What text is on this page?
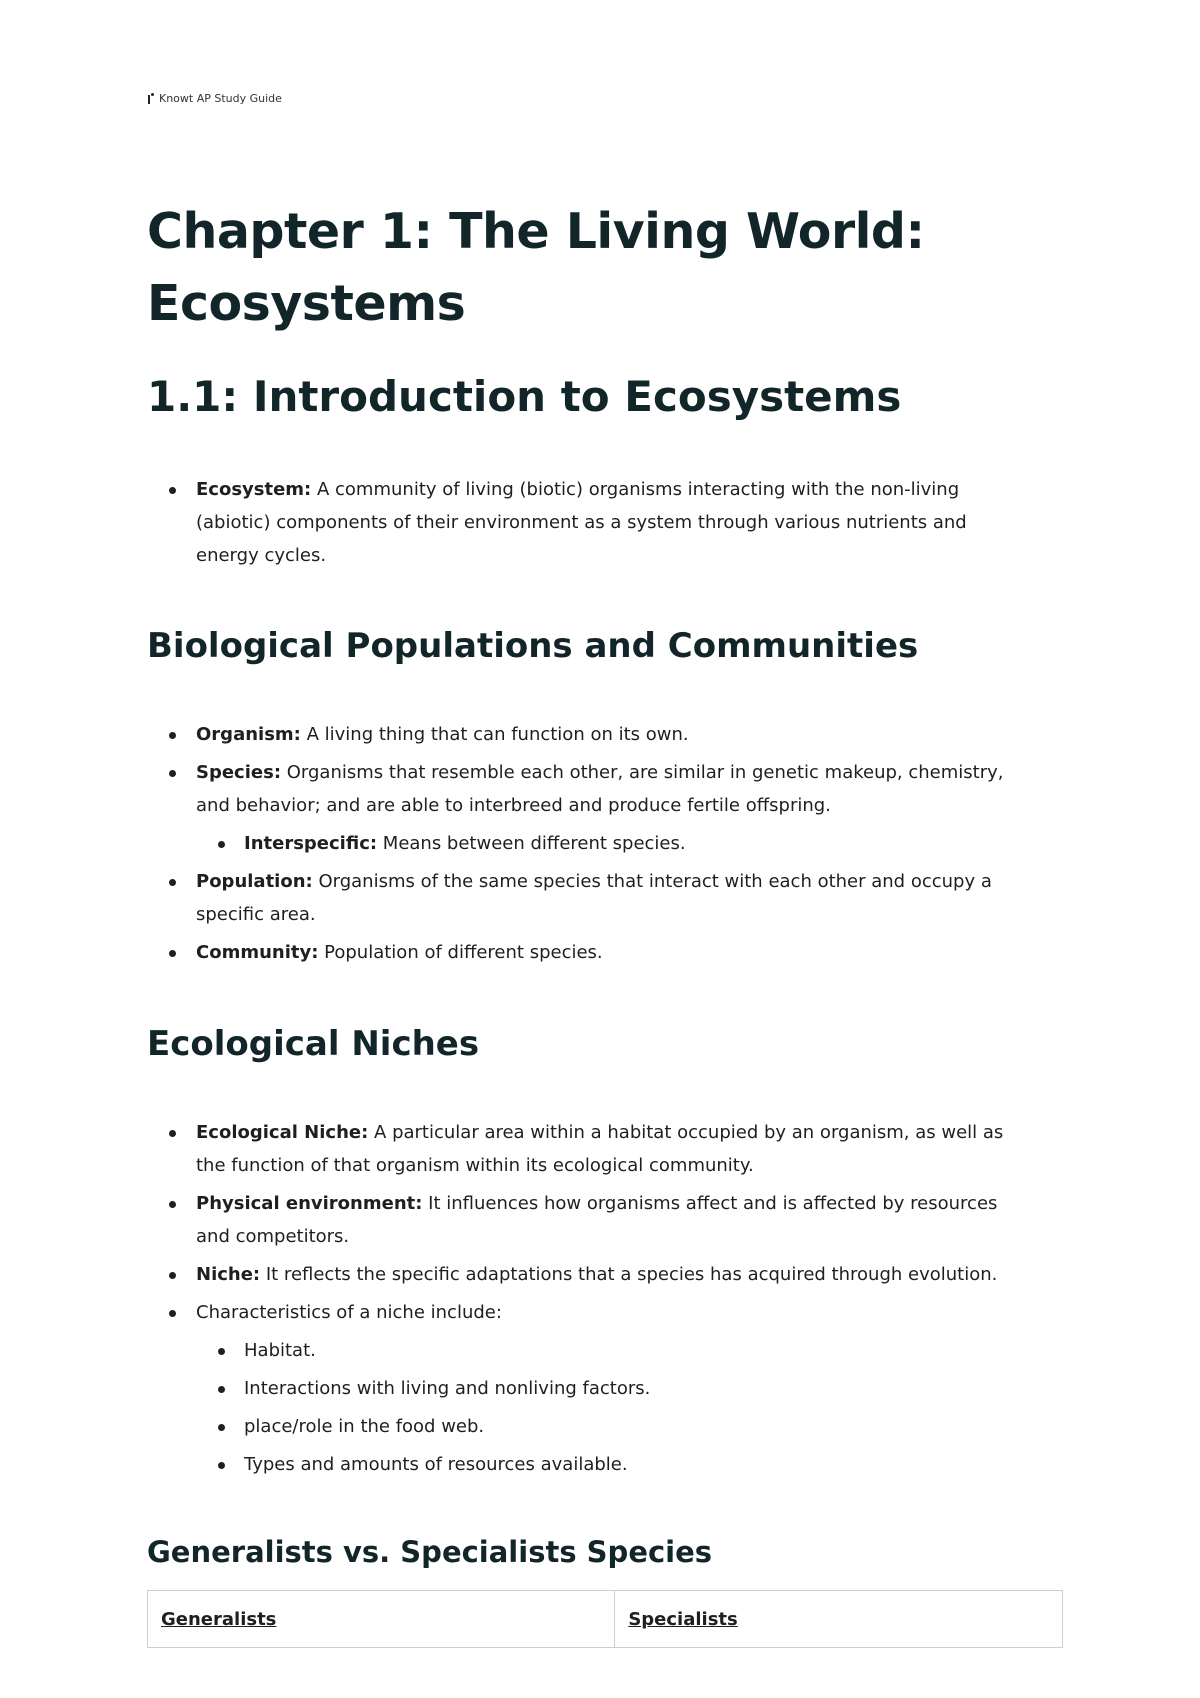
Knowt AP Study Guide
Chapter 1: The Living World: Ecosystems
1.1: Introduction to Ecosystems
Ecosystem: A community of living (biotic) organisms interacting with the non-living (abiotic) components of their environment as a system through various nutrients and energy cycles.
Biological Populations and Communities
Organism: A living thing that can function on its own.
Species: Organisms that resemble each other, are similar in genetic makeup, chemistry, and behavior; and are able to interbreed and produce fertile offspring.
Interspecific: Means between different species.
Population: Organisms of the same species that interact with each other and occupy a specific area.
Community: Population of different species.
Ecological Niches
Ecological Niche: A particular area within a habitat occupied by an organism, as well as the function of that organism within its ecological community.
Physical environment: It influences how organisms affect and is affected by resources and competitors.
Niche: It reflects the specific adaptations that a species has acquired through evolution.
Characteristics of a niche include:
Habitat.
Interactions with living and nonliving factors.
place/role in the food web.
Types and amounts of resources available.
Generalists vs. Specialists Species
Generalists	Specialists
